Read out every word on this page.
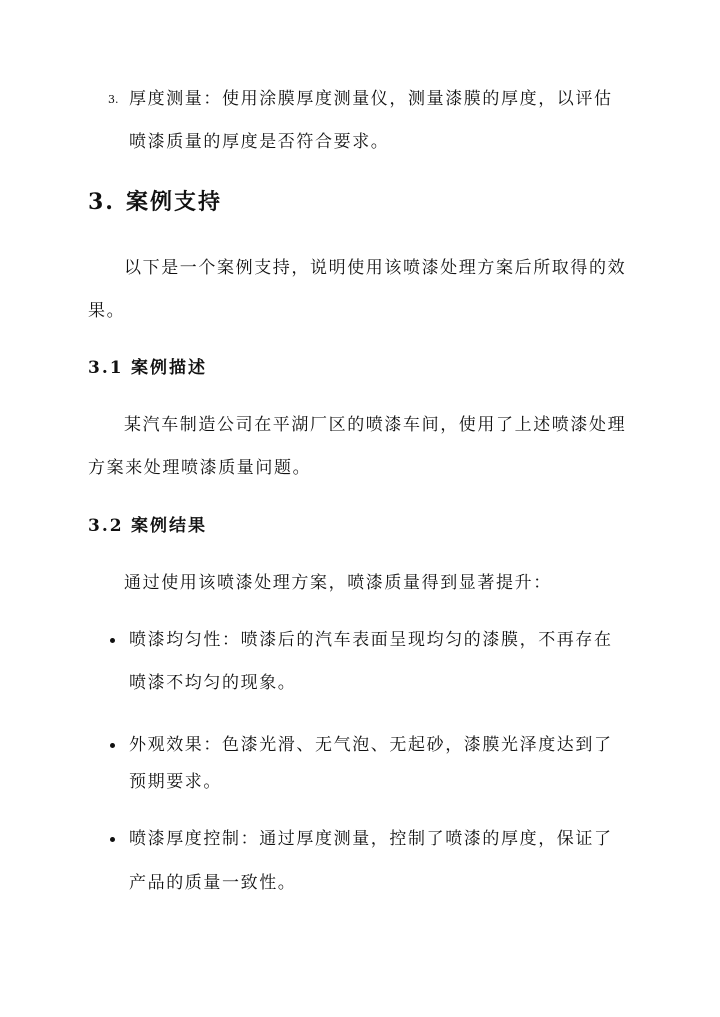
3. 厚度测量：使用涂膜厚度测量仪，测量漆膜的厚度，以评估
喷漆质量的厚度是否符合要求。
3. 案例支持
以下是一个案例支持，说明使用该喷漆处理方案后所取得的效
果。
3.1 案例描述
某汽车制造公司在平湖厂区的喷漆车间，使用了上述喷漆处理
方案来处理喷漆质量问题。
3.2 案例结果
通过使用该喷漆处理方案，喷漆质量得到显著提升：
喷漆均匀性：喷漆后的汽车表面呈现均匀的漆膜，不再存在
喷漆不均匀的现象。
外观效果：色漆光滑、无气泡、无起砂，漆膜光泽度达到了
预期要求。
喷漆厚度控制：通过厚度测量，控制了喷漆的厚度，保证了
产品的质量一致性。
